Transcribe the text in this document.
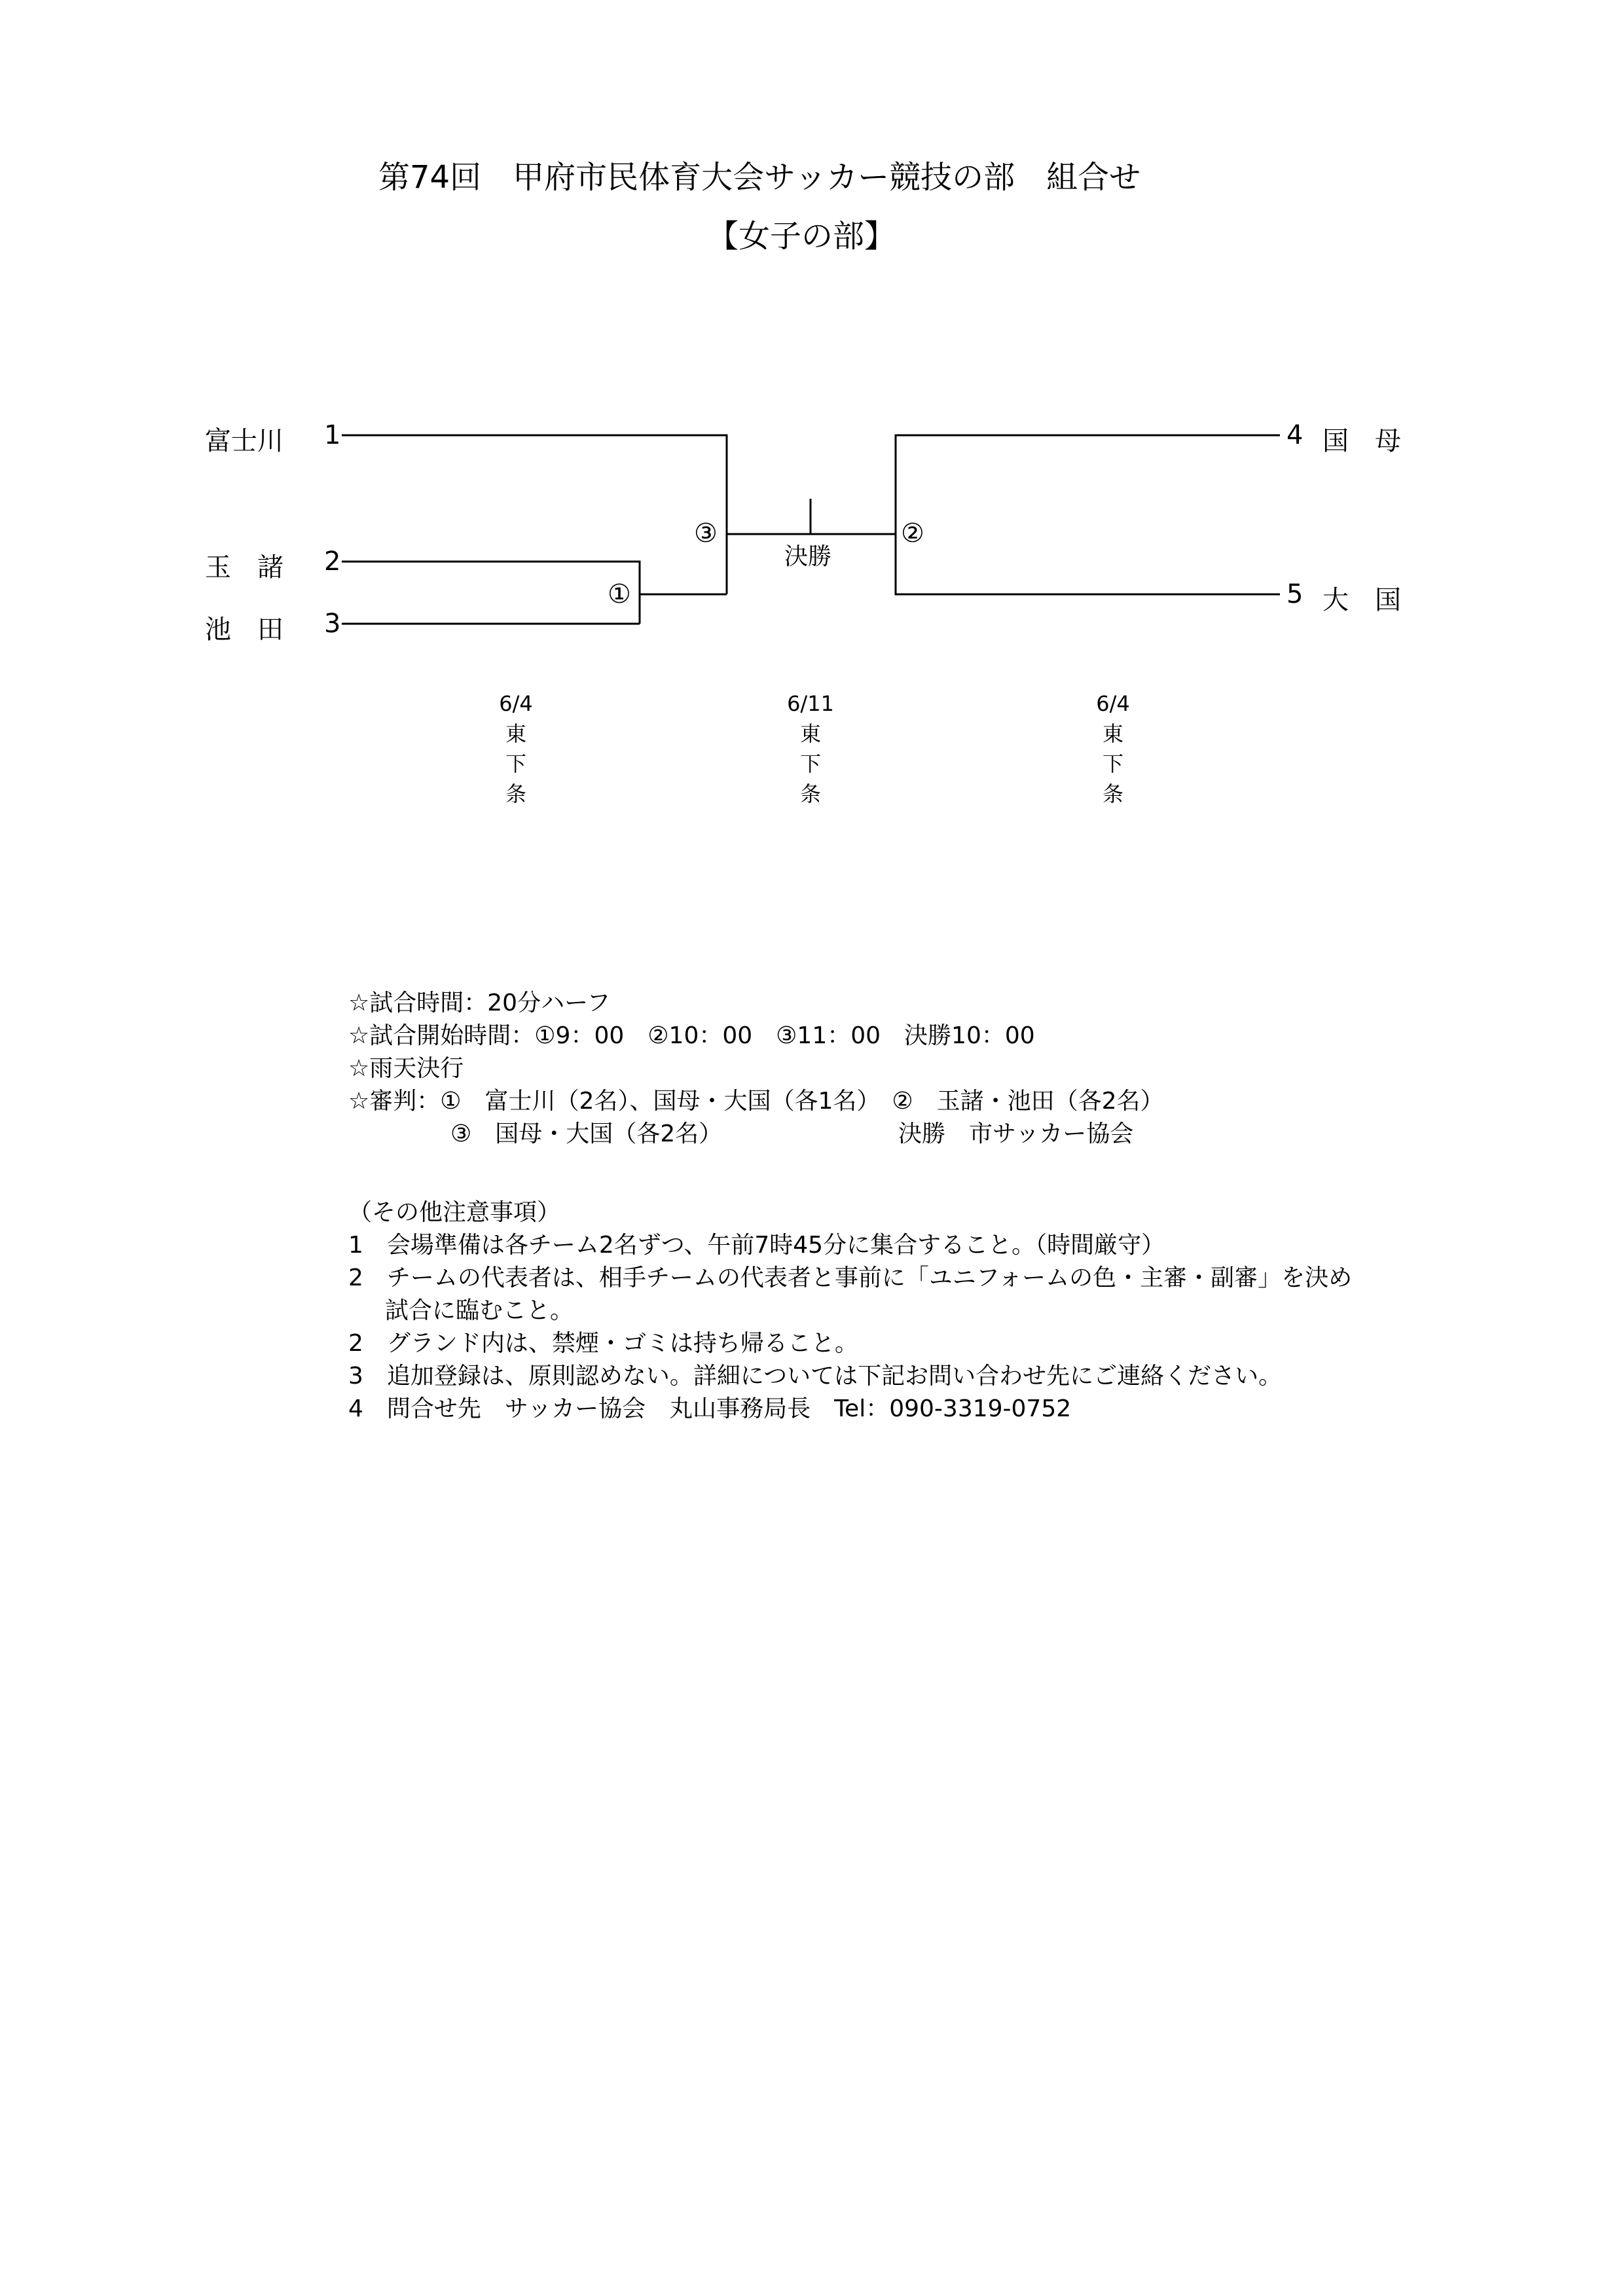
第74回　甲府市民体育大会サッカー競技の部　組合せ
【女子の部】
富士川 1
玉　諸 2
池　田 3
4 国　母
5 大　国
①
②
③
決勝
6/4
東
下
条
6/11
東
下
条
6/4
東
下
条
☆試合時間：20分ハーフ
☆試合開始時間：①9：00　②10：00　③11：00　決勝10：00
☆雨天決行
☆審判：①　富士川（2名）、国母・大国（各1名）　②　玉諸・池田（各2名）
③　国母・大国（各2名）	決勝　市サッカー協会
（その他注意事項）
1　会場準備は各チーム2名ずつ、午前7時45分に集合すること。（時間厳守）
2　チームの代表者は、相手チームの代表者と事前に「ユニフォームの色・主審・副審」を決め
試合に臨むこと。
2　グランド内は、禁煙・ゴミは持ち帰ること。
3　追加登録は、原則認めない。詳細については下記お問い合わせ先にご連絡ください。
4　問合せ先　サッカー協会　丸山事務局長　Tel：090-3319-0752
